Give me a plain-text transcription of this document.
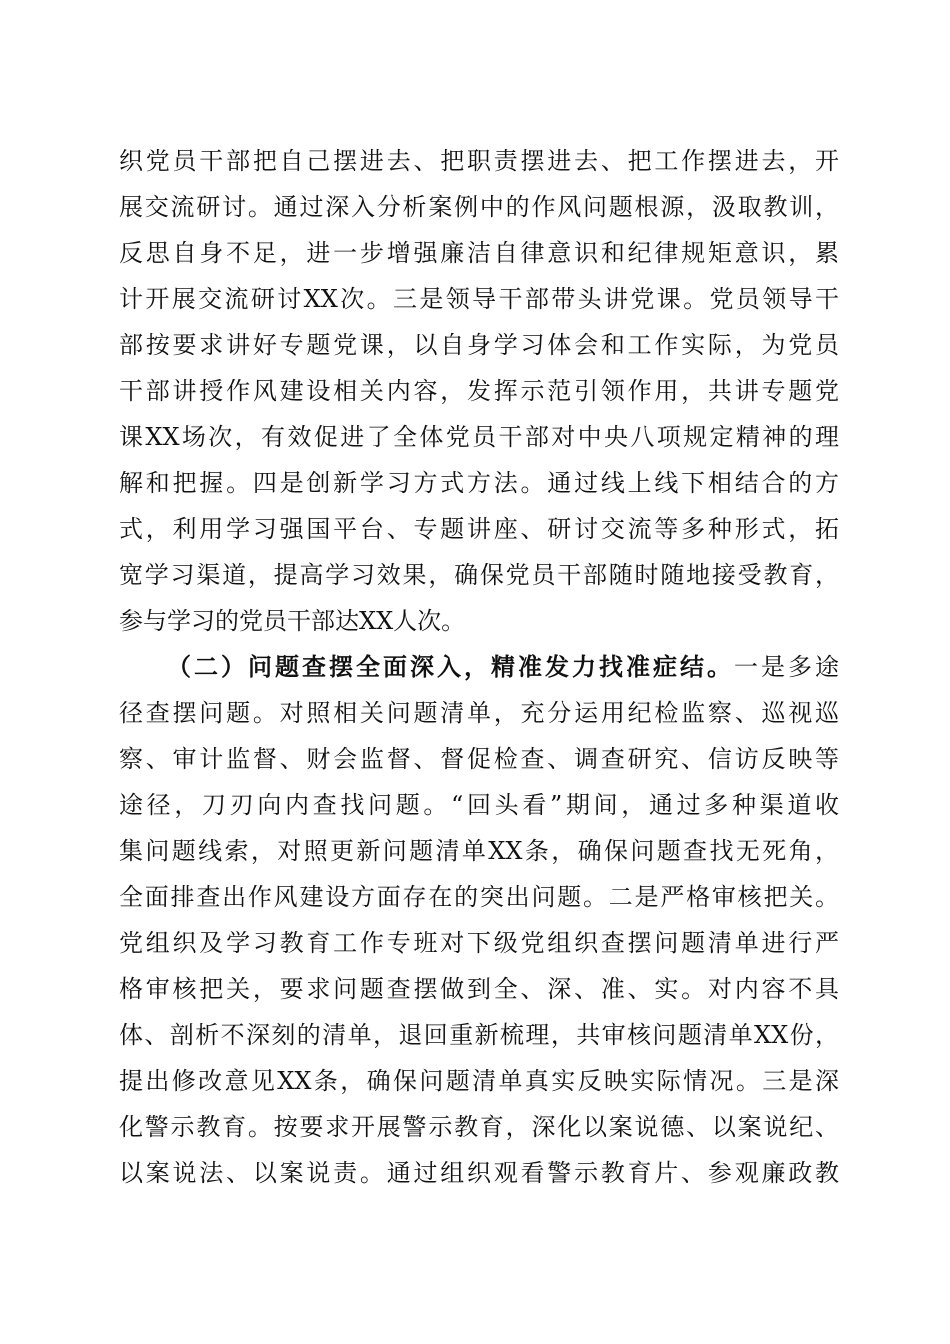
织党员干部把自己摆进去、把职责摆进去、把工作摆进去，开
展交流研讨。通过深入分析案例中的作风问题根源，汲取教训，
反思自身不足，进一步增强廉洁自律意识和纪律规矩意识，累
计开展交流研讨XX次。三是领导干部带头讲党课。党员领导干
部按要求讲好专题党课，以自身学习体会和工作实际，为党员
干部讲授作风建设相关内容，发挥示范引领作用，共讲专题党
课XX场次，有效促进了全体党员干部对中央八项规定精神的理
解和把握。四是创新学习方式方法。通过线上线下相结合的方
式，利用学习强国平台、专题讲座、研讨交流等多种形式，拓
宽学习渠道，提高学习效果，确保党员干部随时随地接受教育，
参与学习的党员干部达XX人次。
（二）问题查摆全面深入，精准发力找准症结。一是多途
径查摆问题。对照相关问题清单，充分运用纪检监察、巡视巡
察、审计监督、财会监督、督促检查、调查研究、信访反映等
途径，刀刃向内查找问题。“回头看”期间，通过多种渠道收
集问题线索，对照更新问题清单XX条，确保问题查找无死角，
全面排查出作风建设方面存在的突出问题。二是严格审核把关。
党组织及学习教育工作专班对下级党组织查摆问题清单进行严
格审核把关，要求问题查摆做到全、深、准、实。对内容不具
体、剖析不深刻的清单，退回重新梳理，共审核问题清单XX份，
提出修改意见XX条，确保问题清单真实反映实际情况。三是深
化警示教育。按要求开展警示教育，深化以案说德、以案说纪、
以案说法、以案说责。通过组织观看警示教育片、参观廉政教
